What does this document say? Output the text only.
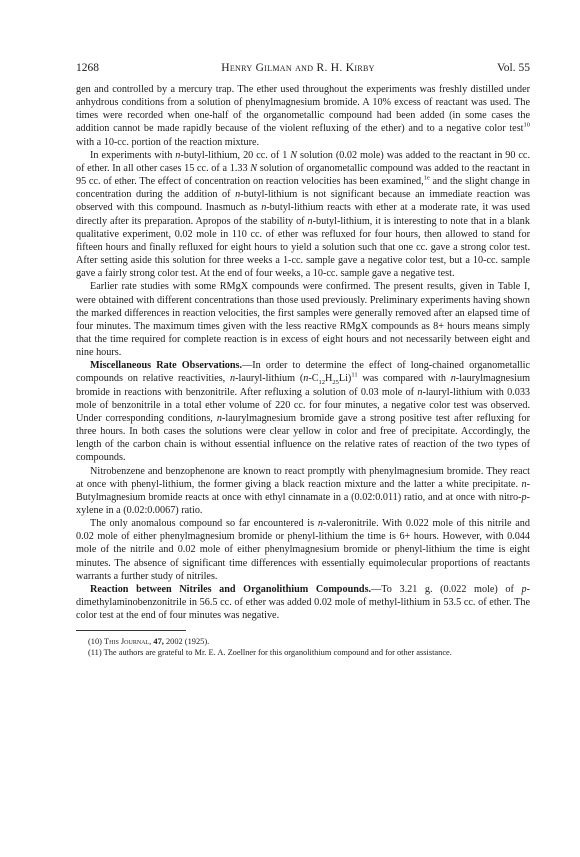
1268	Henry Gilman and R. H. Kirby	Vol. 55

gen and controlled by a mercury trap. The ether used throughout the experiments was freshly distilled under anhydrous conditions from a solution of phenylmagnesium bromide. A 10% excess of reactant was used. The times were recorded when one-half of the organometallic compound had been added (in some cases the addition cannot be made rapidly because of the violent refluxing of the ether) and to a negative color test$^{10}$ with a 10-cc. portion of the reaction mixture.

In experiments with n-butyl-lithium, 20 cc. of 1 N solution (0.02 mole) was added to the reactant in 90 cc. of ether. In all other cases 15 cc. of a 1.33 N solution of organometallic compound was added to the reactant in 95 cc. of ether. The effect of concentration on reaction velocities has been examined,$^{1e}$ and the slight change in concentration during the addition of n-butyl-lithium is not significant because an immediate reaction was observed with this compound. Inasmuch as n-butyl-lithium reacts with ether at a moderate rate, it was used directly after its preparation. Apropos of the stability of n-butyl-lithium, it is interesting to note that in a blank qualitative experiment, 0.02 mole in 110 cc. of ether was refluxed for four hours, then allowed to stand for fifteen hours and finally refluxed for eight hours to yield a solution such that one cc. gave a strong color test. After setting aside this solution for three weeks a 1-cc. sample gave a negative color test, but a 10-cc. sample gave a fairly strong color test. At the end of four weeks, a 10-cc. sample gave a negative test.

Earlier rate studies with some RMgX compounds were confirmed. The present results, given in Table I, were obtained with different concentrations than those used previously. Preliminary experiments having shown the marked differences in reaction velocities, the first samples were generally removed after an elapsed time of four minutes. The maximum times given with the less reactive RMgX compounds as 8+ hours means simply that the time required for complete reaction is in excess of eight hours and not necessarily between eight and nine hours.

Miscellaneous Rate Observations.—In order to determine the effect of long-chained organometallic compounds on relative reactivities, n-lauryl-lithium $(n-C_{12}H_{25}Li)^{11}$ was compared with n-laurylmagnesium bromide in reactions with benzonitrile. After refluxing a solution of 0.03 mole of n-lauryl-lithium with 0.033 mole of benzonitrile in a total ether volume of 220 cc. for four minutes, a negative color test was observed. Under corresponding conditions, n-laurylmagnesium bromide gave a strong positive test after refluxing for three hours. In both cases the solutions were clear yellow in color and free of precipitate. Accordingly, the length of the carbon chain is without essential influence on the relative rates of reaction of the two types of compounds.

Nitrobenzene and benzophenone are known to react promptly with phenylmagnesium bromide. They react at once with phenyl-lithium, the former giving a black reaction mixture and the latter a white precipitate. n-Butylmagnesium bromide reacts at once with ethyl cinnamate in a (0.02:0.011) ratio, and at once with nitro-p-xylene in a (0.02:0.0067) ratio.

The only anomalous compound so far encountered is n-valeronitrile. With 0.022 mole of this nitrile and 0.02 mole of either phenylmagnesium bromide or phenyl-lithium the time is 6+ hours. However, with 0.044 mole of the nitrile and 0.02 mole of either phenylmagnesium bromide or phenyl-lithium the time is eight minutes. The absence of significant time differences with essentially equimolecular proportions of reactants warrants a further study of nitriles.

Reaction between Nitriles and Organolithium Compounds.—To 3.21 g. (0.022 mole) of p-dimethylaminobenzonitrile in 56.5 cc. of ether was added 0.02 mole of methyl-lithium in 53.5 cc. of ether. The color test at the end of four minutes was negative.

(10) This Journal, 47, 2002 (1925).

(11) The authors are grateful to Mr. E. A. Zoellner for this organolithium compound and for other assistance.
